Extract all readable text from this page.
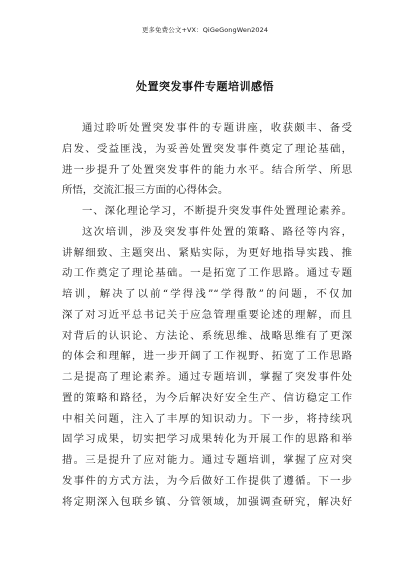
更多免费公文+VX：QiGeGongWen2024
处置突发事件专题培训感悟
通过聆听处置突发事件的专题讲座，收获颇丰、备受
启发、受益匪浅，为妥善处置突发事件奠定了理论基础，
进一步提升了处置突发事件的能力水平。结合所学、所思
所悟，交流汇报三方面的心得体会。
一、深化理论学习，不断提升突发事件处置理论素养。
这次培训，涉及突发事件处置的策略、路径等内容，
讲解细致、主题突出、紧贴实际，为更好地指导实践、推
动工作奠定了理论基础。一是拓宽了工作思路。通过专题
培训，解决了以前“学得浅”“学得散”的问题，不仅加
深了对习近平总书记关于应急管理重要论述的理解，而且
对背后的认识论、方法论、系统思维、战略思维有了更深
的体会和理解，进一步开阔了工作视野、拓宽了工作思路
二是提高了理论素养。通过专题培训，掌握了突发事件处
置的策略和路径，为今后解决好安全生产、信访稳定工作
中相关问题，注入了丰厚的知识动力。下一步，将持续巩
固学习成果，切实把学习成果转化为开展工作的思路和举
措。三是提升了应对能力。通过专题培训，掌握了应对突
发事件的方式方法，为今后做好工作提供了遵循。下一步
将定期深入包联乡镇、分管领域，加强调查研究，解决好
